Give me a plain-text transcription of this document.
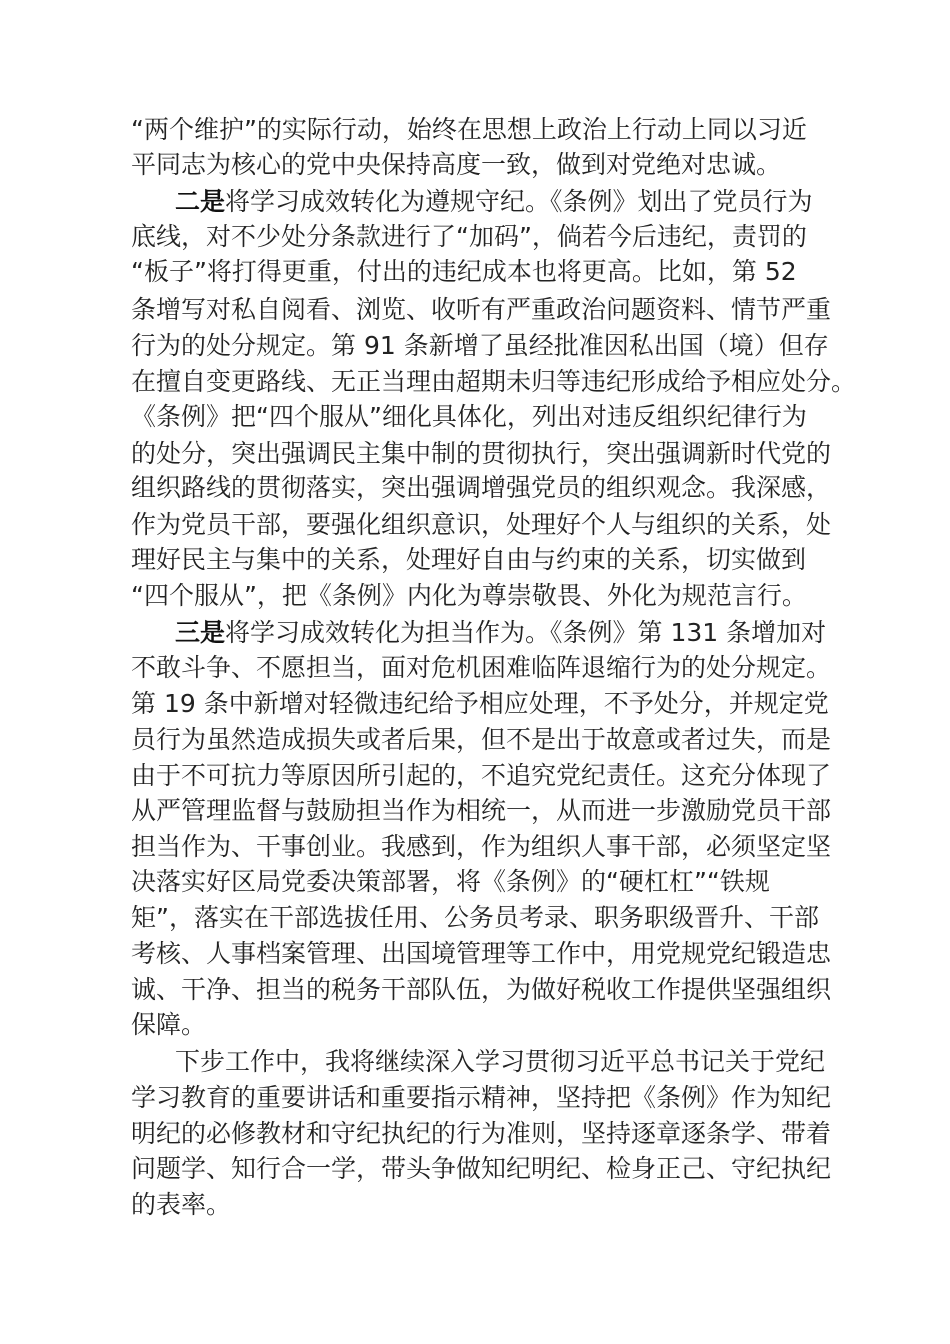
“两个维护”的实际行动，始终在思想上政治上行动上同以习近
平同志为核心的党中央保持高度一致，做到对党绝对忠诚。
二是将学习成效转化为遵规守纪。《条例》划出了党员行为
底线，对不少处分条款进行了“加码”，倘若今后违纪，责罚的
“板子”将打得更重，付出的违纪成本也将更高。比如，第 52
条增写对私自阅看、浏览、收听有严重政治问题资料、情节严重
行为的处分规定。第 91 条新增了虽经批准因私出国（境）但存
在擅自变更路线、无正当理由超期未归等违纪形成给予相应处分。
《条例》把“四个服从”细化具体化，列出对违反组织纪律行为
的处分，突出强调民主集中制的贯彻执行，突出强调新时代党的
组织路线的贯彻落实，突出强调增强党员的组织观念。我深感，
作为党员干部，要强化组织意识，处理好个人与组织的关系，处
理好民主与集中的关系，处理好自由与约束的关系，切实做到
“四个服从”，把《条例》内化为尊崇敬畏、外化为规范言行。
三是将学习成效转化为担当作为。《条例》第 131 条增加对
不敢斗争、不愿担当，面对危机困难临阵退缩行为的处分规定。
第 19 条中新增对轻微违纪给予相应处理，不予处分，并规定党
员行为虽然造成损失或者后果，但不是出于故意或者过失，而是
由于不可抗力等原因所引起的，不追究党纪责任。这充分体现了
从严管理监督与鼓励担当作为相统一，从而进一步激励党员干部
担当作为、干事创业。我感到，作为组织人事干部，必须坚定坚
决落实好区局党委决策部署，将《条例》的“硬杠杠”“铁规
矩”，落实在干部选拔任用、公务员考录、职务职级晋升、干部
考核、人事档案管理、出国境管理等工作中，用党规党纪锻造忠
诚、干净、担当的税务干部队伍，为做好税收工作提供坚强组织
保障。
下步工作中，我将继续深入学习贯彻习近平总书记关于党纪
学习教育的重要讲话和重要指示精神，坚持把《条例》作为知纪
明纪的必修教材和守纪执纪的行为准则，坚持逐章逐条学、带着
问题学、知行合一学，带头争做知纪明纪、检身正己、守纪执纪
的表率。
